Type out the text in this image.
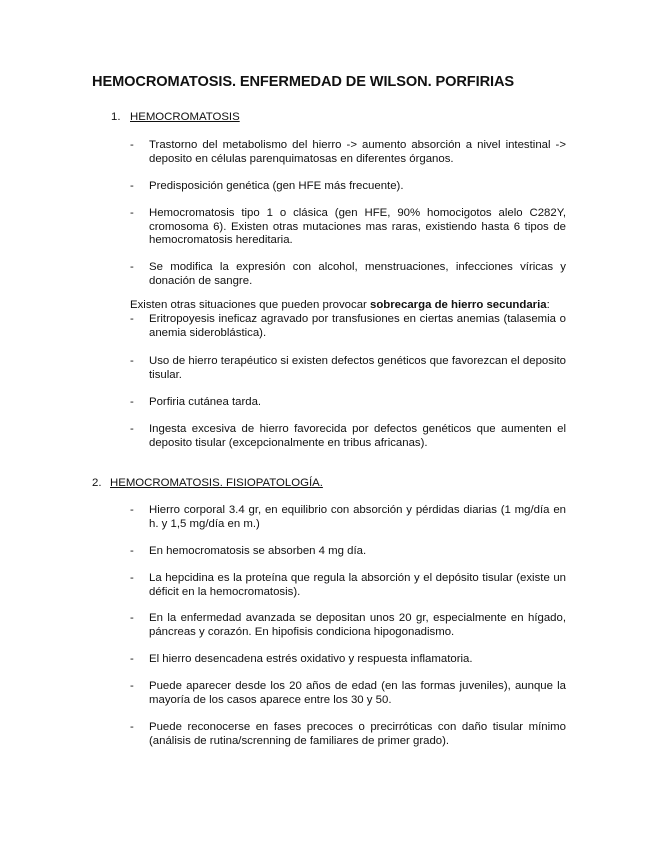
HEMOCROMATOSIS. ENFERMEDAD DE WILSON. PORFIRIAS
1. HEMOCROMATOSIS
- Trastorno del metabolismo del hierro -> aumento absorción a nivel intestinal -> deposito en células parenquimatosas en diferentes órganos.
- Predisposición genética (gen HFE más frecuente).
- Hemocromatosis tipo 1 o clásica (gen HFE, 90% homocigotos alelo C282Y, cromosoma 6). Existen otras mutaciones mas raras, existiendo hasta 6 tipos de hemocromatosis hereditaria.
- Se modifica la expresión con alcohol, menstruaciones, infecciones víricas y donación de sangre.
Existen otras situaciones que pueden provocar sobrecarga de hierro secundaria:
- Eritropoyesis ineficaz agravado por transfusiones en ciertas anemias (talasemia o anemia sideroblástica).
- Uso de hierro terapéutico si existen defectos genéticos que favorezcan el deposito tisular.
- Porfiria cutánea tarda.
- Ingesta excesiva de hierro favorecida por defectos genéticos que aumenten el deposito tisular (excepcionalmente en tribus africanas).
2. HEMOCROMATOSIS. FISIOPATOLOGÍA.
- Hierro corporal 3.4 gr, en equilibrio con absorción y pérdidas diarias (1 mg/día en h. y 1,5 mg/día en m.)
- En hemocromatosis se absorben 4 mg día.
- La hepcidina es la proteína que regula la absorción y el depósito tisular (existe un déficit en la hemocromatosis).
- En la enfermedad avanzada se depositan unos 20 gr, especialmente en hígado, páncreas y corazón. En hipofisis condiciona hipogonadismo.
- El hierro desencadena estrés oxidativo y respuesta inflamatoria.
- Puede aparecer desde los 20 años de edad (en las formas juveniles), aunque la mayoría de los casos aparece entre los 30 y 50.
- Puede reconocerse en fases precoces o precirróticas con daño tisular mínimo (análisis de rutina/screnning de familiares de primer grado).
